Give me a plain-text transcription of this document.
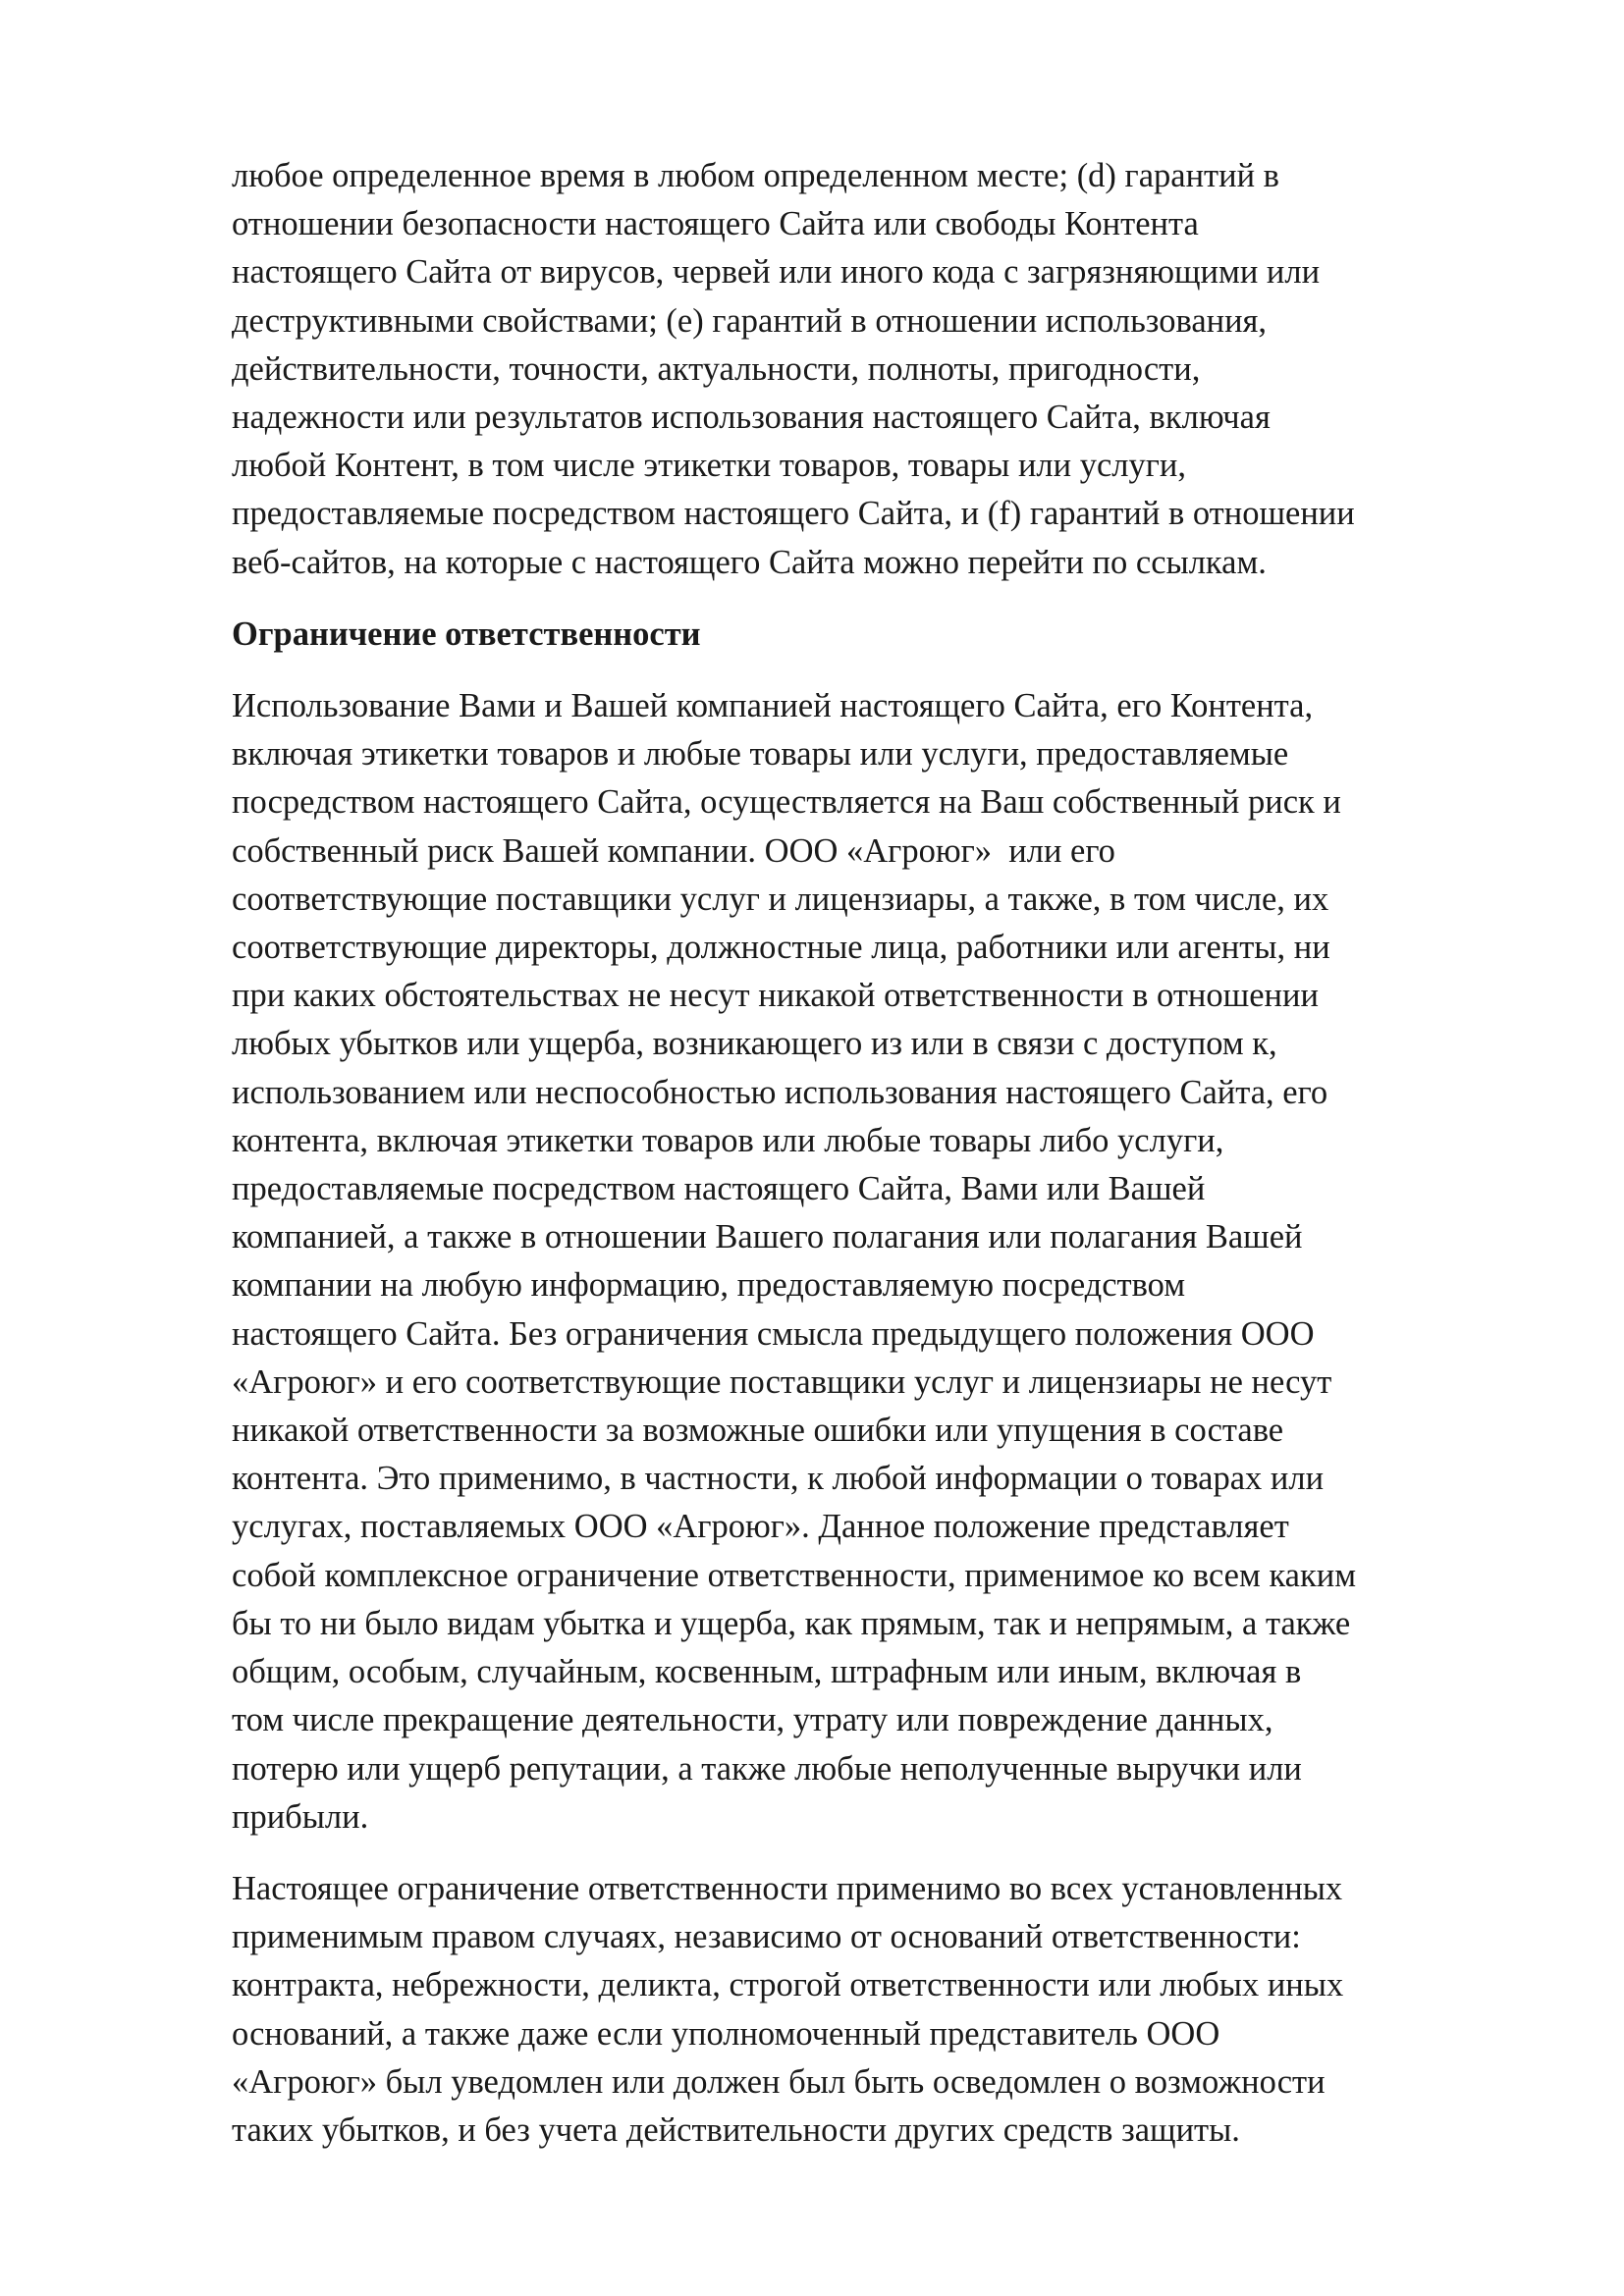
любое определенное время в любом определенном месте; (d) гарантий в
отношении безопасности настоящего Сайта или свободы Контента
настоящего Сайта от вирусов, червей или иного кода с загрязняющими или
деструктивными свойствами; (e) гарантий в отношении использования,
действительности, точности, актуальности, полноты, пригодности,
надежности или результатов использования настоящего Сайта, включая
любой Контент, в том числе этикетки товаров, товары или услуги,
предоставляемые посредством настоящего Сайта, и (f) гарантий в отношении
веб-сайтов, на которые с настоящего Сайта можно перейти по ссылкам.
Ограничение ответственности
Использование Вами и Вашей компанией настоящего Сайта, его Контента,
включая этикетки товаров и любые товары или услуги, предоставляемые
посредством настоящего Сайта, осуществляется на Ваш собственный риск и
собственный риск Вашей компании. ООО «Агроюг»  или его
соответствующие поставщики услуг и лицензиары, а также, в том числе, их
соответствующие директоры, должностные лица, работники или агенты, ни
при каких обстоятельствах не несут никакой ответственности в отношении
любых убытков или ущерба, возникающего из или в связи с доступом к,
использованием или неспособностью использования настоящего Сайта, его
контента, включая этикетки товаров или любые товары либо услуги,
предоставляемые посредством настоящего Сайта, Вами или Вашей
компанией, а также в отношении Вашего полагания или полагания Вашей
компании на любую информацию, предоставляемую посредством
настоящего Сайта. Без ограничения смысла предыдущего положения ООО
«Агроюг» и его соответствующие поставщики услуг и лицензиары не несут
никакой ответственности за возможные ошибки или упущения в составе
контента. Это применимо, в частности, к любой информации о товарах или
услугах, поставляемых ООО «Агроюг». Данное положение представляет
собой комплексное ограничение ответственности, применимое ко всем каким
бы то ни было видам убытка и ущерба, как прямым, так и непрямым, а также
общим, особым, случайным, косвенным, штрафным или иным, включая в
том числе прекращение деятельности, утрату или повреждение данных,
потерю или ущерб репутации, а также любые неполученные выручки или
прибыли.
Настоящее ограничение ответственности применимо во всех установленных
применимым правом случаях, независимо от оснований ответственности:
контракта, небрежности, деликта, строгой ответственности или любых иных
оснований, а также даже если уполномоченный представитель ООО
«Агроюг» был уведомлен или должен был быть осведомлен о возможности
таких убытков, и без учета действительности других средств защиты.
